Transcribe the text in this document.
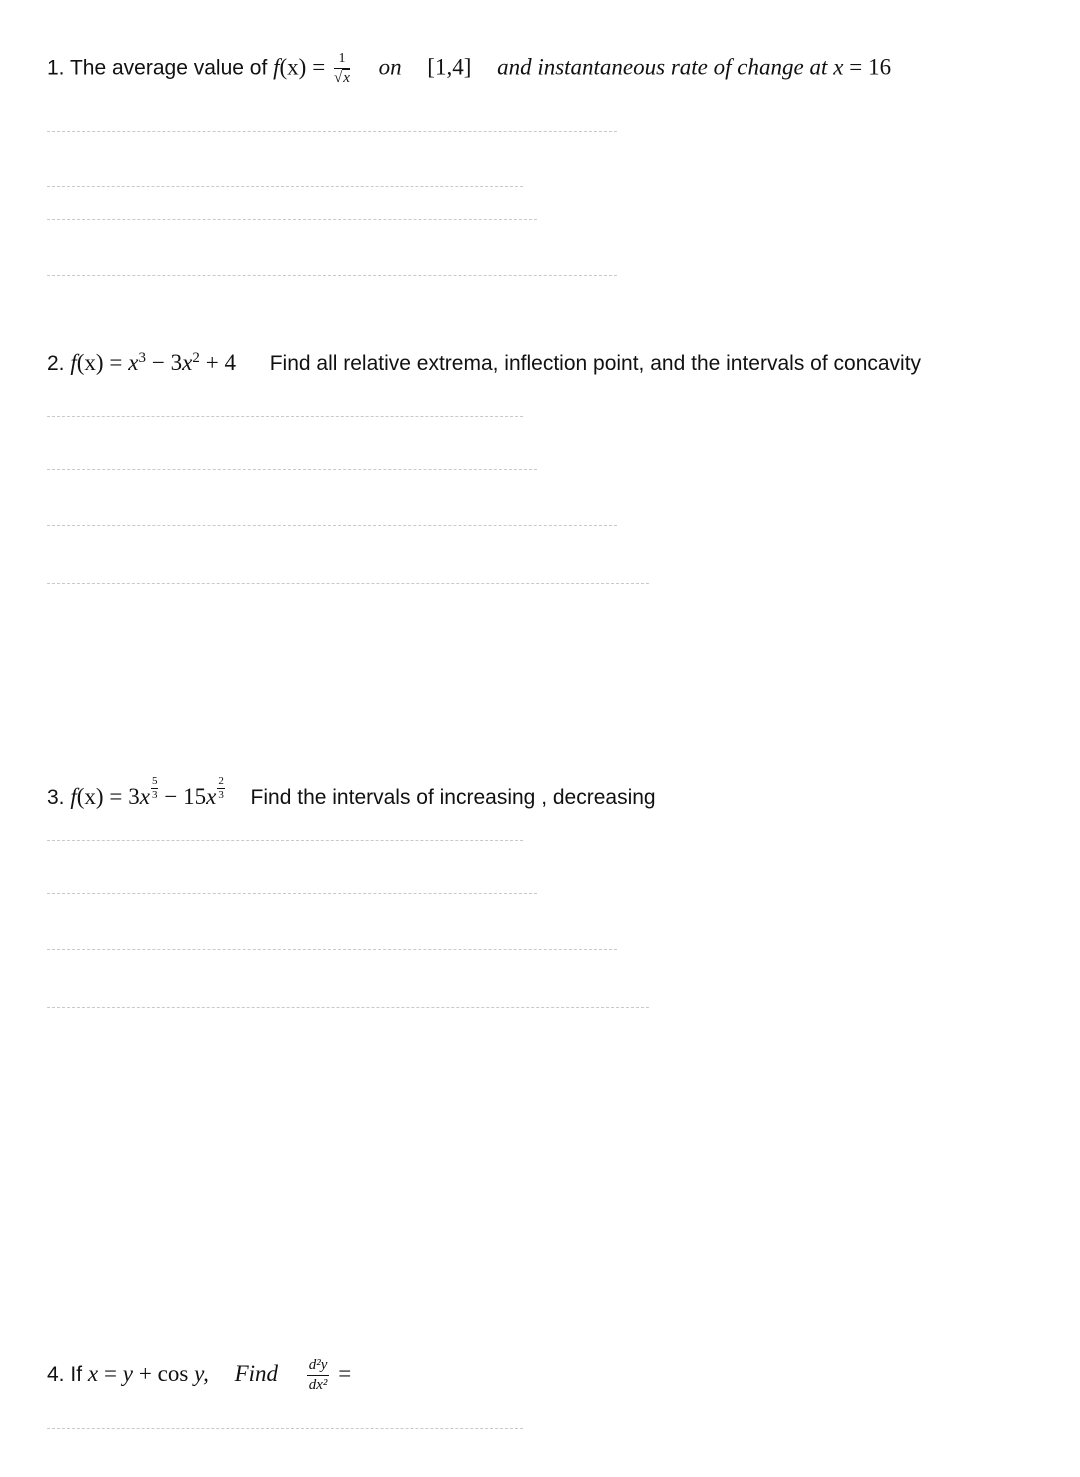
1. The average value of $f(x) = \frac{1}{√x}$ on [1,4] and instantaneous rate of change at x = 16
2. $f(x) = x^3 - 3x^2 + 4$ Find all relative extrema, inflection point, and the intervals of concavity
3. $f(x) = 3x \frac{5}{3} - 15x \frac{2}{3}$ Find the intervals of increasing , decreasing
4. If x = y + cos y, Find $\frac{\text{d²y}}{\text{dx²}}$ =
